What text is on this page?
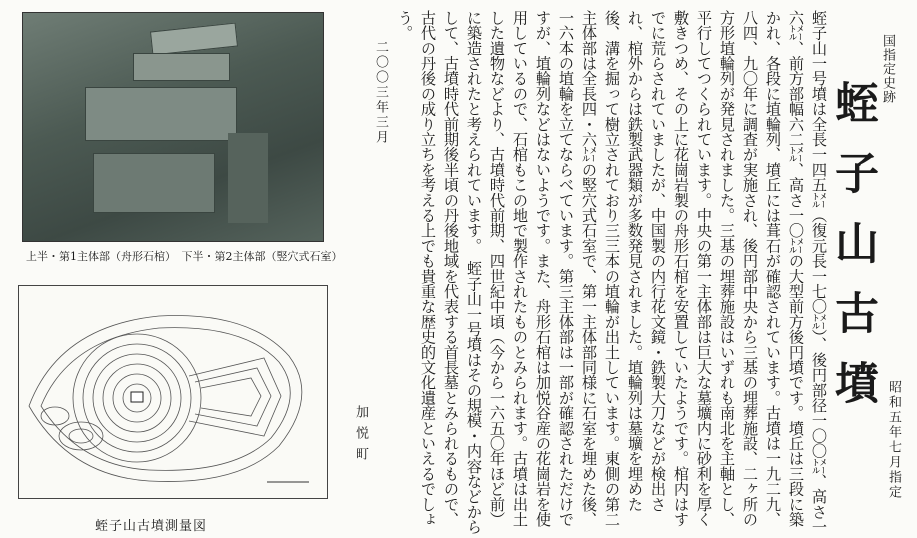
上半・第1主体部（舟形石棺）　下半・第2主体部（竪穴式石室）
蛭子山古墳測量図
二〇〇三年三月
加悦町	蛭子山一号墳は全長一四五㍍（復元長一七〇㍍）、後円部径一〇〇㍍、高さ一六㍍、前方部幅六二㍍、高さ一〇㍍の大型前方後円墳です。墳丘は三段に築かれ、各段に埴輪列、墳丘には葺石が確認されています。古墳は一九二九、八四、九〇年に調査が実施され、後円部中央から三基の埋葬施設、二ヶ所の方形埴輪列が発見されました。三基の埋葬施設はいずれも南北を主軸とし、平行してつくられています。中央の第一主体部は巨大な墓壙内に砂利を厚く敷きつめ、その上に花崗岩製の舟形石棺を安置していたようです。棺内はすでに荒らされていましたが、中国製の内行花文鏡・鉄製大刀などが検出され、棺外からは鉄製武器類が多数発見されました。埴輪列は墓壙を埋めた後、溝を掘って樹立されており三三本の埴輪が出土しています。東側の第二主体部は全長四・六㍍の竪穴式石室で、第一主体部同様に石室を埋めた後、一六本の埴輪を立てならべています。第三主体部は一部が確認されただけですが、埴輪列などはないようです。また、舟形石棺は加悦谷産の花崗岩を使用しているので、石棺もこの地で製作されたものとみられます。古墳は出土した遺物などより、古墳時代前期、四世紀中頃（今から一六五〇年ほど前）に築造されたと考えられています。　蛭子山一号墳はその規模・内容などからして、古墳時代前期後半頃の丹後地域を代表する首長墓とみられるもので、古代の丹後の成り立ちを考える上でも貴重な歴史的文化遺産といえるでしょう。
国指定史跡
蛭子山古墳
昭和五年七月指定
